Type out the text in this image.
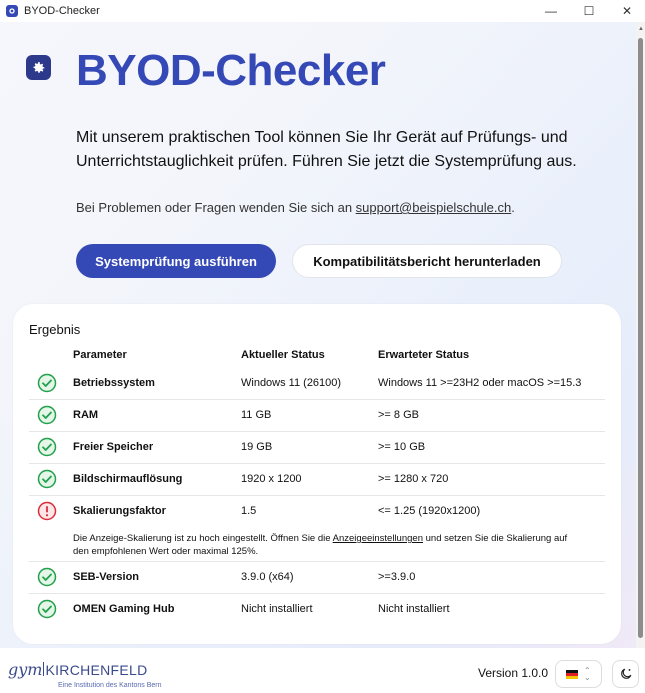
BYOD-Checker	—	☐	✕
BYOD-Checker
Mit unserem praktischen Tool können Sie Ihr Gerät auf Prüfungs- und Unterrichtstauglichkeit prüfen. Führen Sie jetzt die Systemprüfung aus.
Bei Problemen oder Fragen wenden Sie sich an support@beispielschule.ch.
Systemprüfung ausführen	Kompatibilitätsbericht herunterladen
Ergebnis
Parameter	Aktueller Status	Erwarteter Status
Betriebssystem	Windows 11 (26100)	Windows 11 >=23H2 oder macOS >=15.3
RAM	11 GB	>= 8 GB
Freier Speicher	19 GB	>= 10 GB
Bildschirmauflösung	1920 x 1200	>= 1280 x 720
Skalierungsfaktor	1.5	<= 1.25 (1920x1200)
Die Anzeige-Skalierung ist zu hoch eingestellt. Öffnen Sie die Anzeigeeinstellungen und setzen Sie die Skalierung auf den empfohlenen Wert oder maximal 125%.
SEB-Version	3.9.0 (x64)	>=3.9.0
OMEN Gaming Hub	Nicht installiert	Nicht installiert
▲
gym KIRCHENFELD
Eine Institution des Kantons Bern
Version 1.0.0	⌃
⌄
